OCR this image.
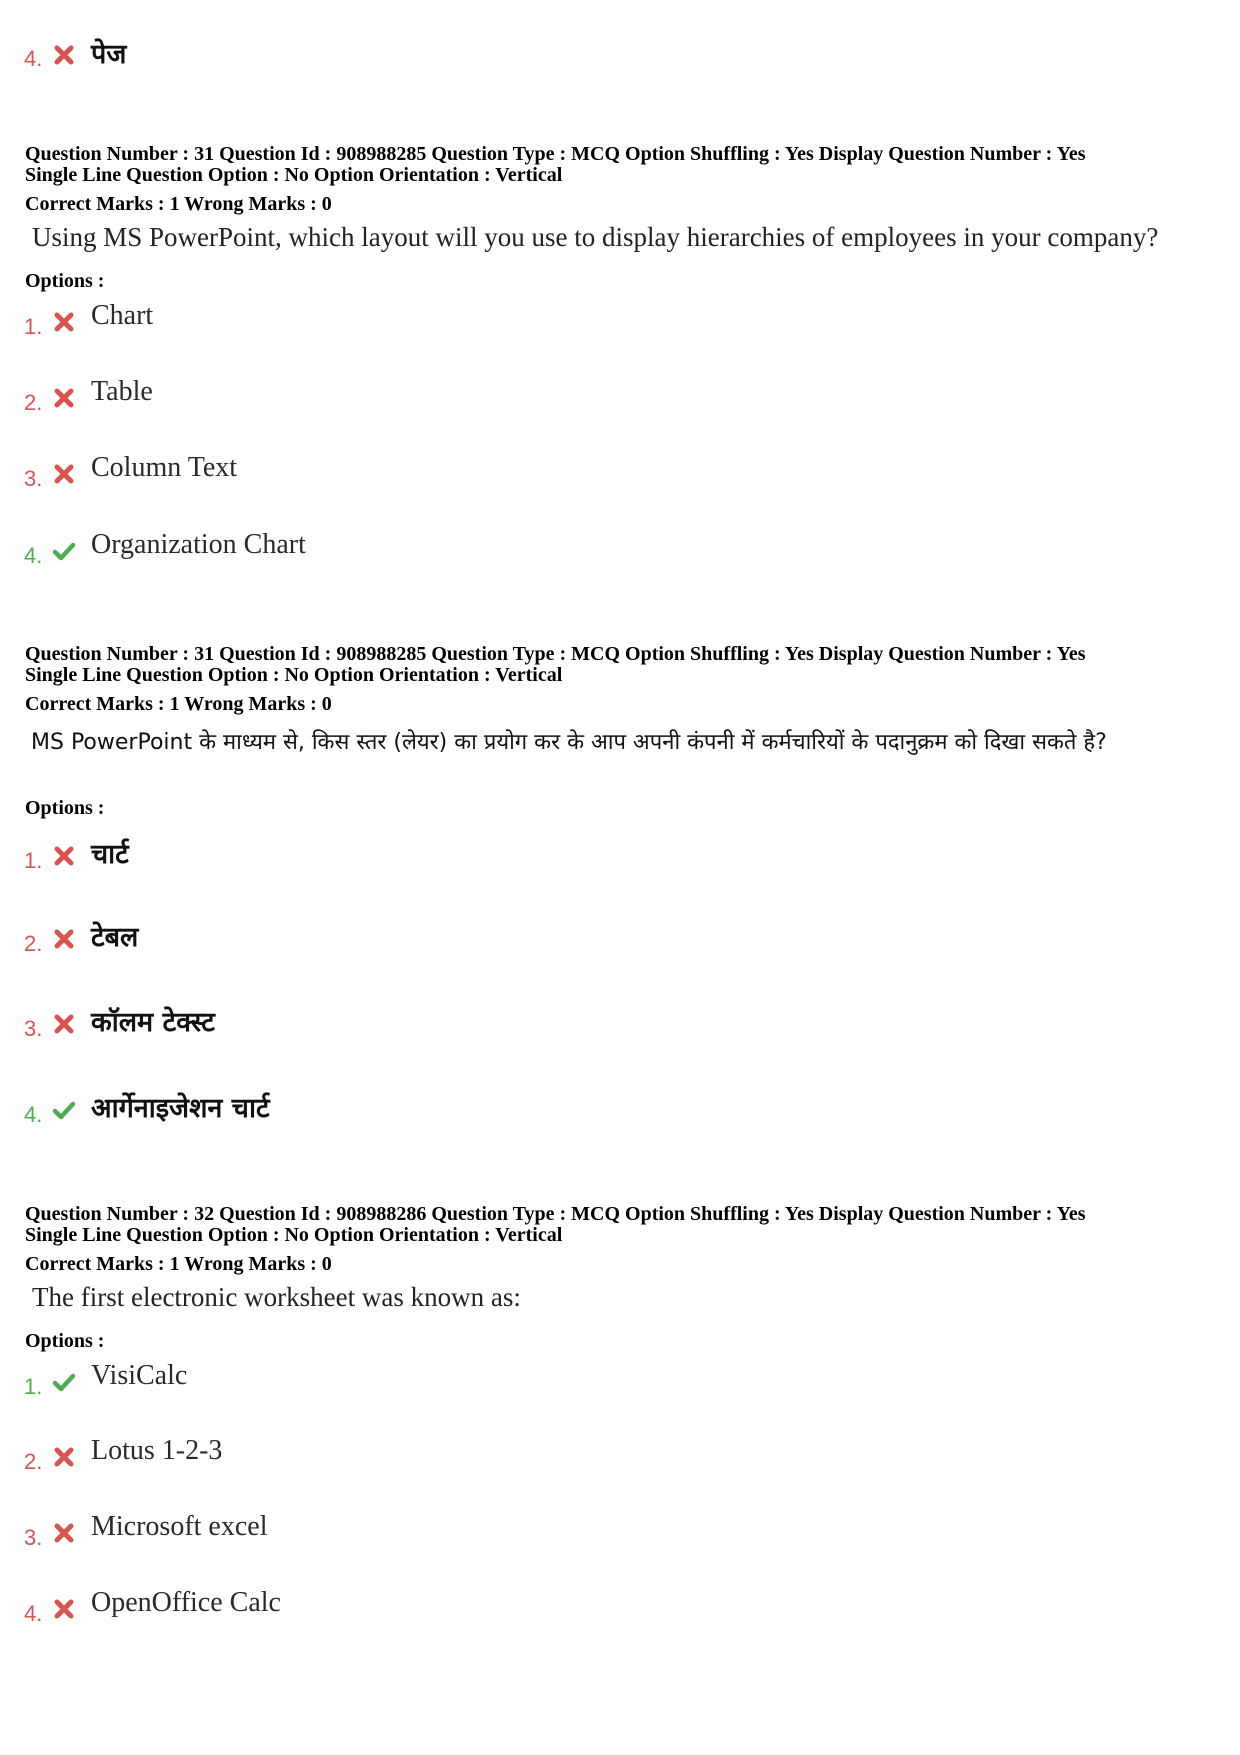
4. पेज
Question Number : 31 Question Id : 908988285 Question Type : MCQ Option Shuffling : Yes Display Question Number : Yes
Single Line Question Option : No Option Orientation : Vertical
Correct Marks : 1 Wrong Marks : 0
Using MS PowerPoint, which layout will you use to display hierarchies of employees in your company?
Options :
1. Chart
2. Table
3. Column Text
4. Organization Chart
Question Number : 31 Question Id : 908988285 Question Type : MCQ Option Shuffling : Yes Display Question Number : Yes
Single Line Question Option : No Option Orientation : Vertical
Correct Marks : 1 Wrong Marks : 0
MS PowerPoint के माध्यम से, किस स्तर (लेयर) का प्रयोग कर के आप अपनी कंपनी में कर्मचारियों के पदानुक्रम को दिखा सकते है?
Options :
1. चार्ट
2. टेबल
3. कॉलम टेक्स्ट
4. आर्गेनाइजेशन चार्ट
Question Number : 32 Question Id : 908988286 Question Type : MCQ Option Shuffling : Yes Display Question Number : Yes
Single Line Question Option : No Option Orientation : Vertical
Correct Marks : 1 Wrong Marks : 0
The first electronic worksheet was known as:
Options :
1. VisiCalc
2. Lotus 1-2-3
3. Microsoft excel
4. OpenOffice Calc
